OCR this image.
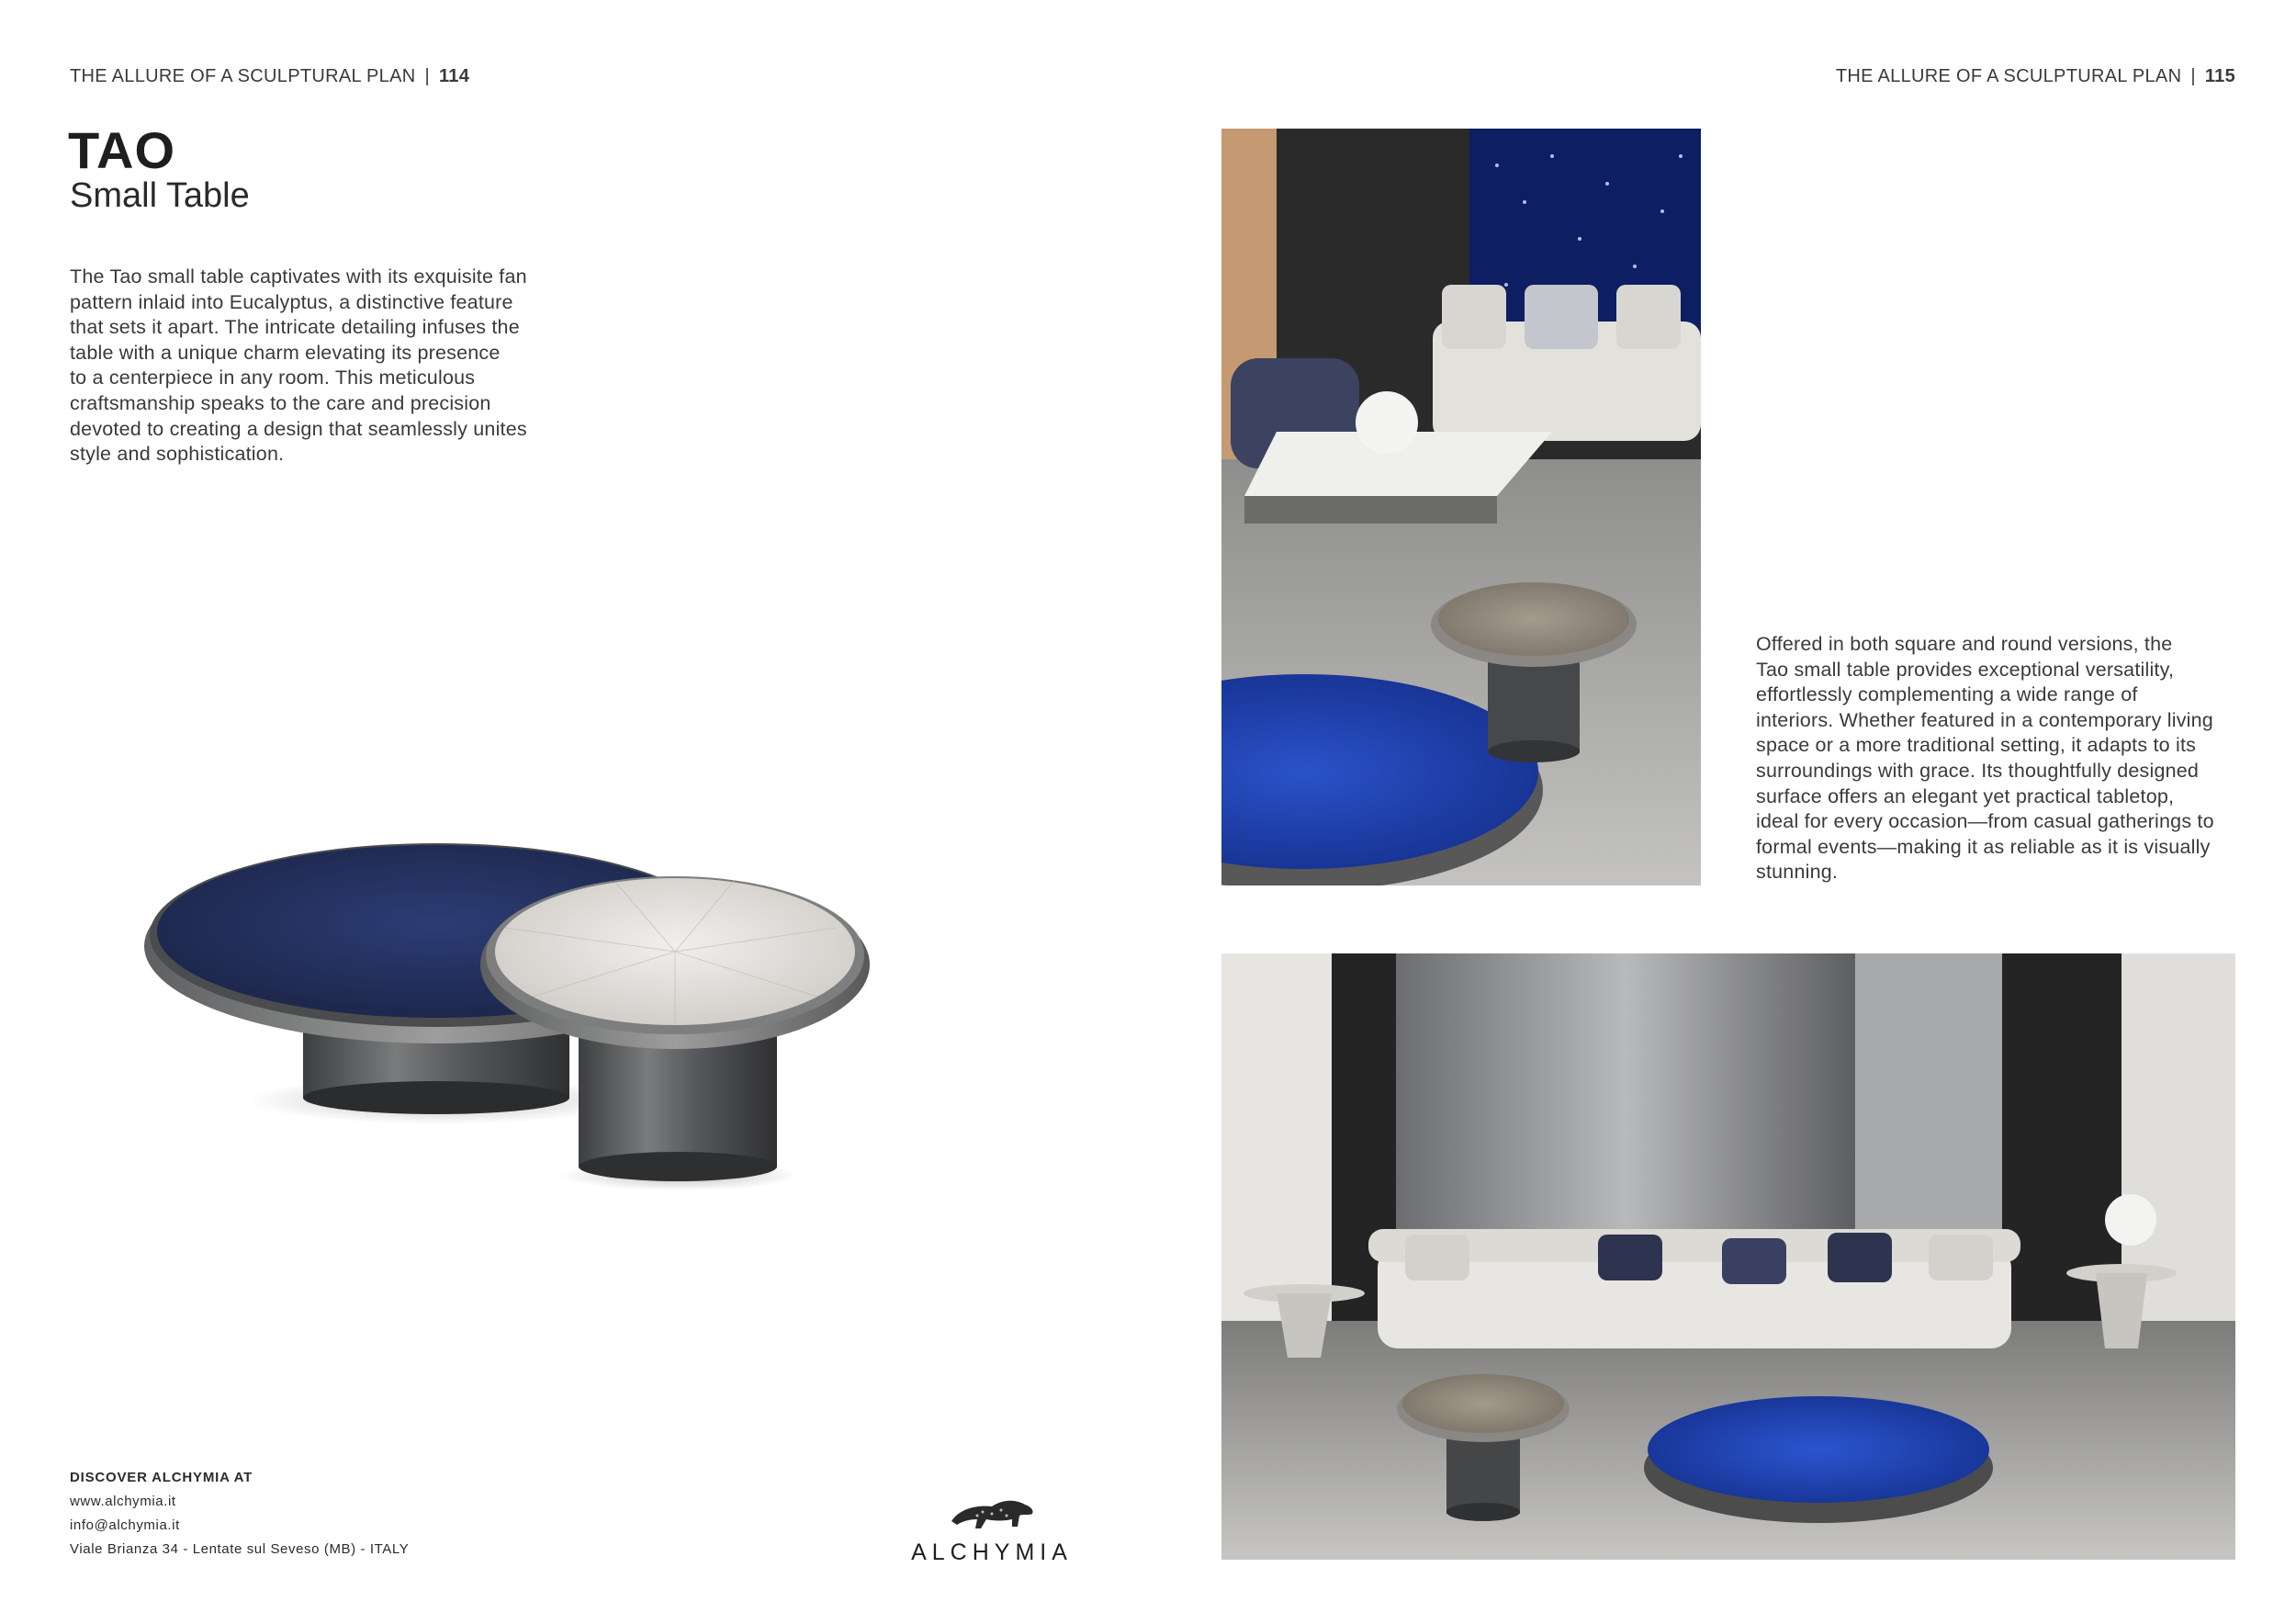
THE ALLURE OF A SCULPTURAL PLAN | 114	THE ALLURE OF A SCULPTURAL PLAN | 115
TAO
Small Table
The Tao small table captivates with its exquisite fan
pattern inlaid into Eucalyptus, a distinctive feature
that sets it apart. The intricate detailing infuses the
table with a unique charm elevating its presence
to a centerpiece in any room. This meticulous
craftsmanship speaks to the care and precision
devoted to creating a design that seamlessly unites
style and sophistication.
Offered in both square and round versions, the
Tao small table provides exceptional versatility,
effortlessly complementing a wide range of
interiors. Whether featured in a contemporary living
space or a more traditional setting, it adapts to its
surroundings with grace. Its thoughtfully designed
surface offers an elegant yet practical tabletop,
ideal for every occasion—from casual gatherings to
formal events—making it as reliable as it is visually
stunning.
DISCOVER ALCHYMIA AT
www.alchymia.it
info@alchymia.it
Viale Brianza 34 - Lentate sul Seveso (MB) - ITALY	ALCHYMIA
